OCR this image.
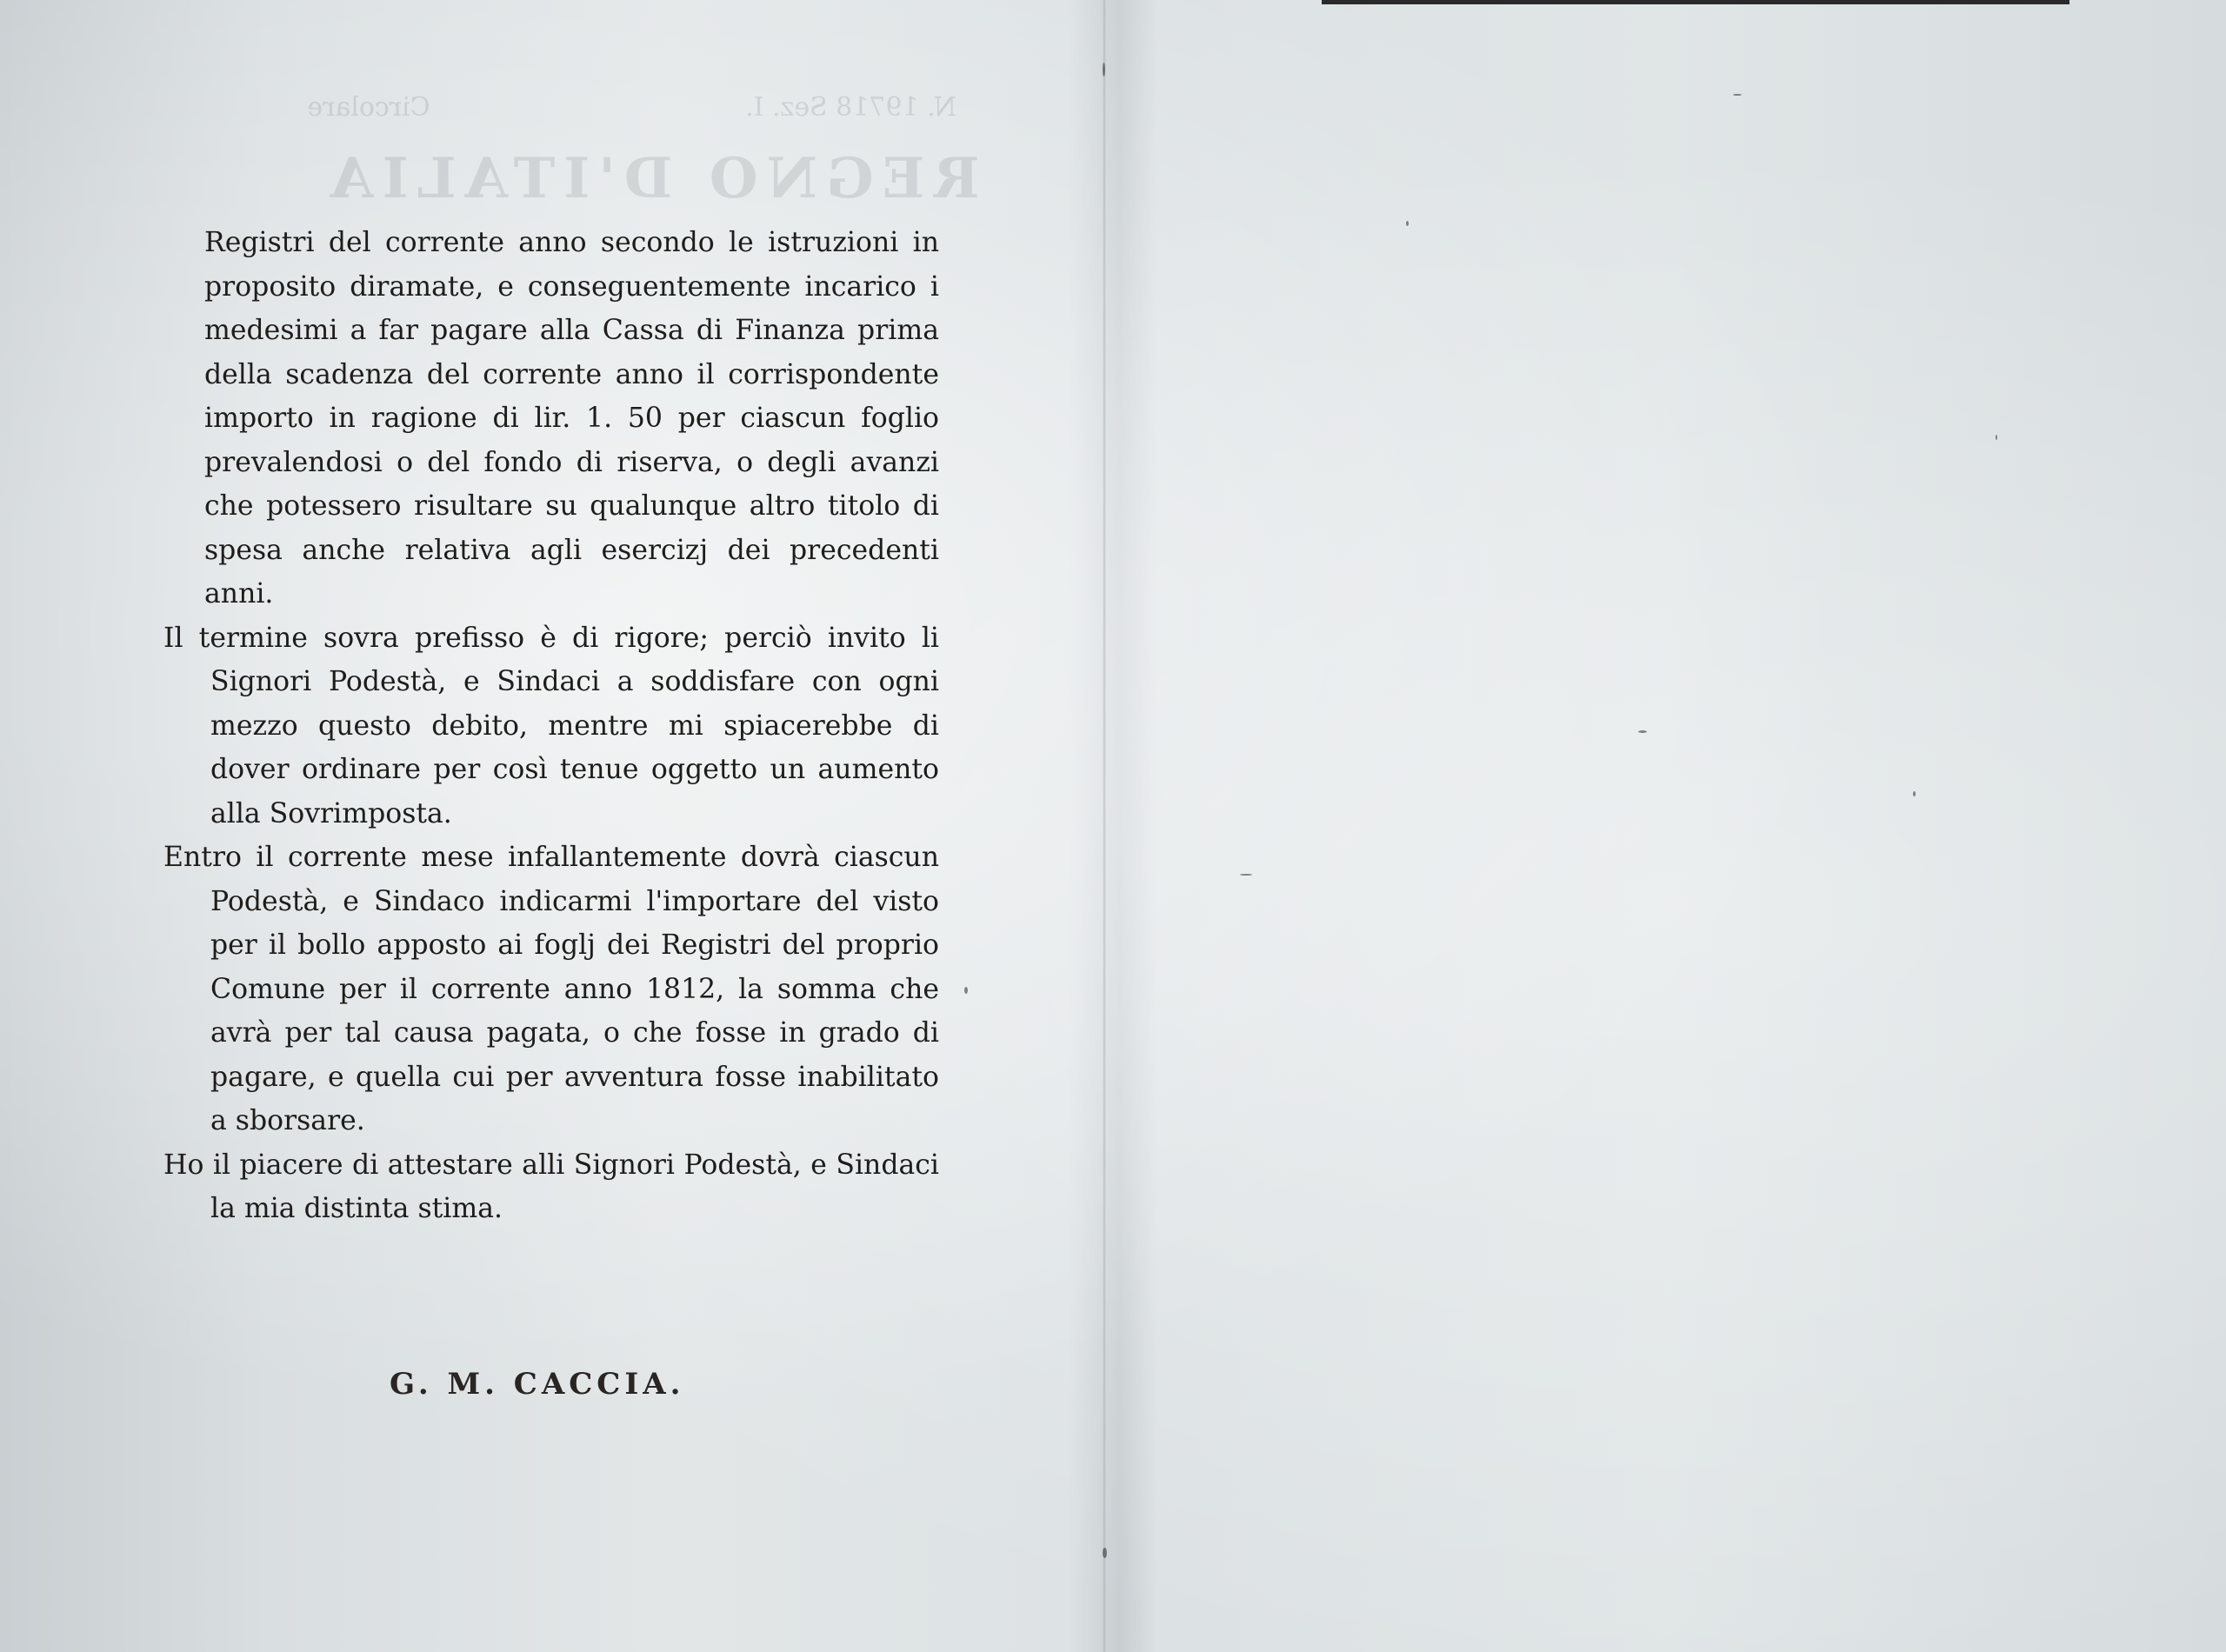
N. 19718 Sez. I.                                      Circolare
REGNO D'ITALIA

Registri del corrente anno secondo le istruzioni in proposito diramate, e conseguentemente incarico i medesimi a far pagare alla Cassa di Finanza prima della scadenza del corrente anno il corrispondente importo in ragione di lir. 1. 50 per ciascun foglio prevalendosi o del fondo di riserva, o degli avanzi che potessero risultare su qualunque altro titolo di spesa anche relativa agli esercizj dei precedenti anni.

Il termine sovra prefisso è di rigore; perciò invito li Signori Podestà, e Sindaci a soddisfare con ogni mezzo questo debito, mentre mi spiacerebbe di dover ordinare per così tenue oggetto un aumento alla Sovrimposta.

Entro il corrente mese infallantemente dovrà ciascun Podestà, e Sindaco indicarmi l'importare del visto per il bollo apposto ai foglj dei Registri del proprio Comune per il corrente anno 1812, la somma che avrà per tal causa pagata, o che fosse in grado di pagare, e quella cui per avventura fosse inabilitato a sborsare.

Ho il piacere di attestare alli Signori Podestà, e Sindaci la mia distinta stima.

G. M. CACCIA.
